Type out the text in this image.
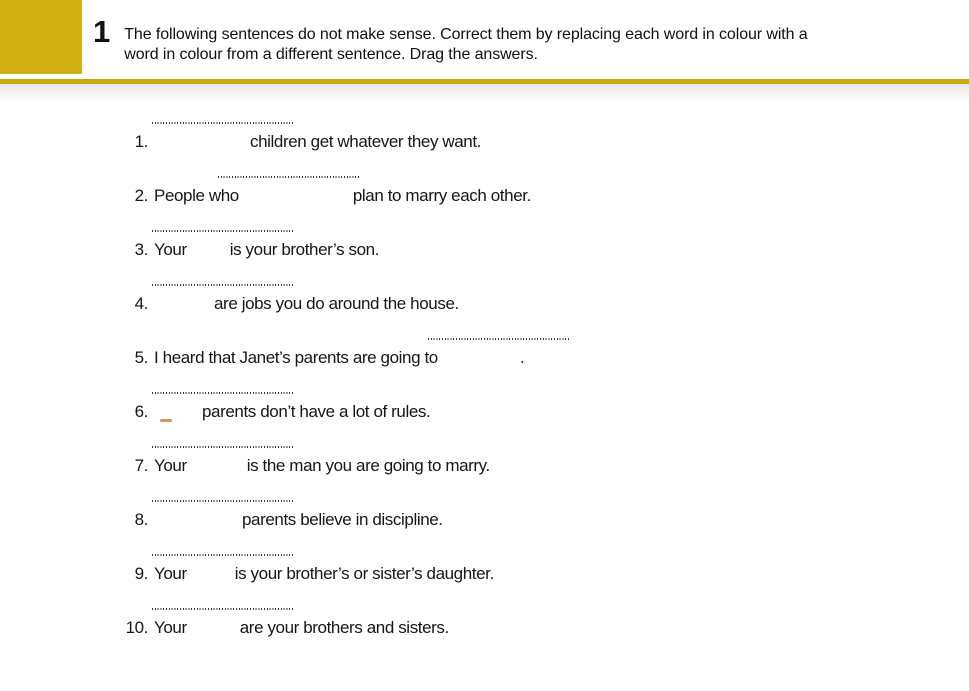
1 The following sentences do not make sense. Correct them by replacing each word in colour with a
word in colour from a different sentence. Drag the answers.
1.	children get whatever they want.
2. People who	plan to marry each other.
3. Your	is your brother’s son.
4.	are jobs you do around the house.
5. I heard that Janet’s parents are going to	.
6.	parents don’t have a lot of rules.
7. Your	is the man you are going to marry.
8.	parents believe in discipline.
9. Your	is your brother’s or sister’s daughter.
10. Your	are your brothers and sisters.
